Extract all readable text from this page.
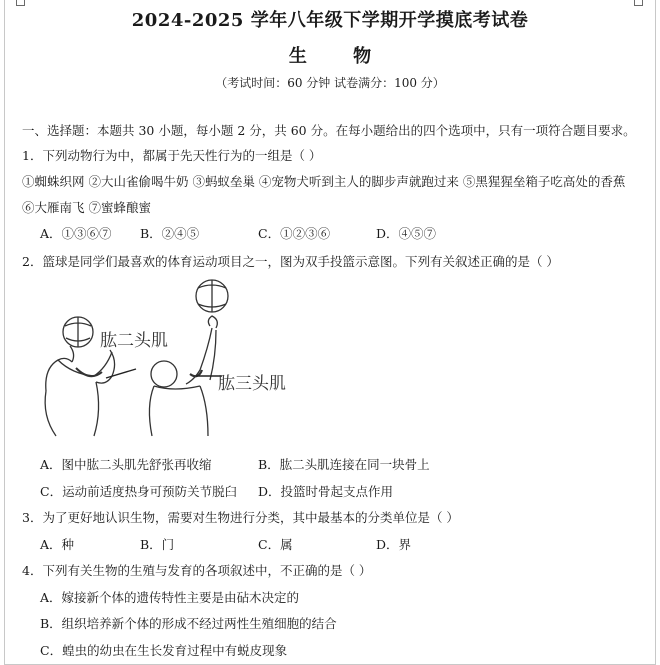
2024-2025 学年八年级下学期开学摸底考试卷
生 物
（考试时间：60 分钟 试卷满分：100 分）
一、选择题：本题共 30 小题，每小题 2 分，共 60 分。在每小题给出的四个选项中，只有一项符合题目要求。
1．下列动物行为中，都属于先天性行为的一组是（ ）
①蜘蛛织网 ②大山雀偷喝牛奶 ③蚂蚁垒巢 ④宠物犬听到主人的脚步声就跑过来 ⑤黑猩猩垒箱子吃高处的香蕉
⑥大雁南飞 ⑦蜜蜂酿蜜
A．①③⑥⑦ B．②④⑤	C．①②③⑥	D．④⑤⑦
2．篮球是同学们最喜欢的体育运动项目之一，图为双手投篮示意图。下列有关叙述正确的是（ ）
肱二头肌
肱三头肌
A．图中肱二头肌先舒张再收缩	B．肱二头肌连接在同一块骨上
C．运动前适度热身可预防关节脱臼 D．投篮时骨起支点作用
3．为了更好地认识生物，需要对生物进行分类，其中最基本的分类单位是（ ）
A．种	B．门	C．属	D．界
4．下列有关生物的生殖与发育的各项叙述中，不正确的是（ ）
A．嫁接新个体的遗传特性主要是由砧木决定的
B．组织培养新个体的形成不经过两性生殖细胞的结合
C．蝗虫的幼虫在生长发育过程中有蜕皮现象
